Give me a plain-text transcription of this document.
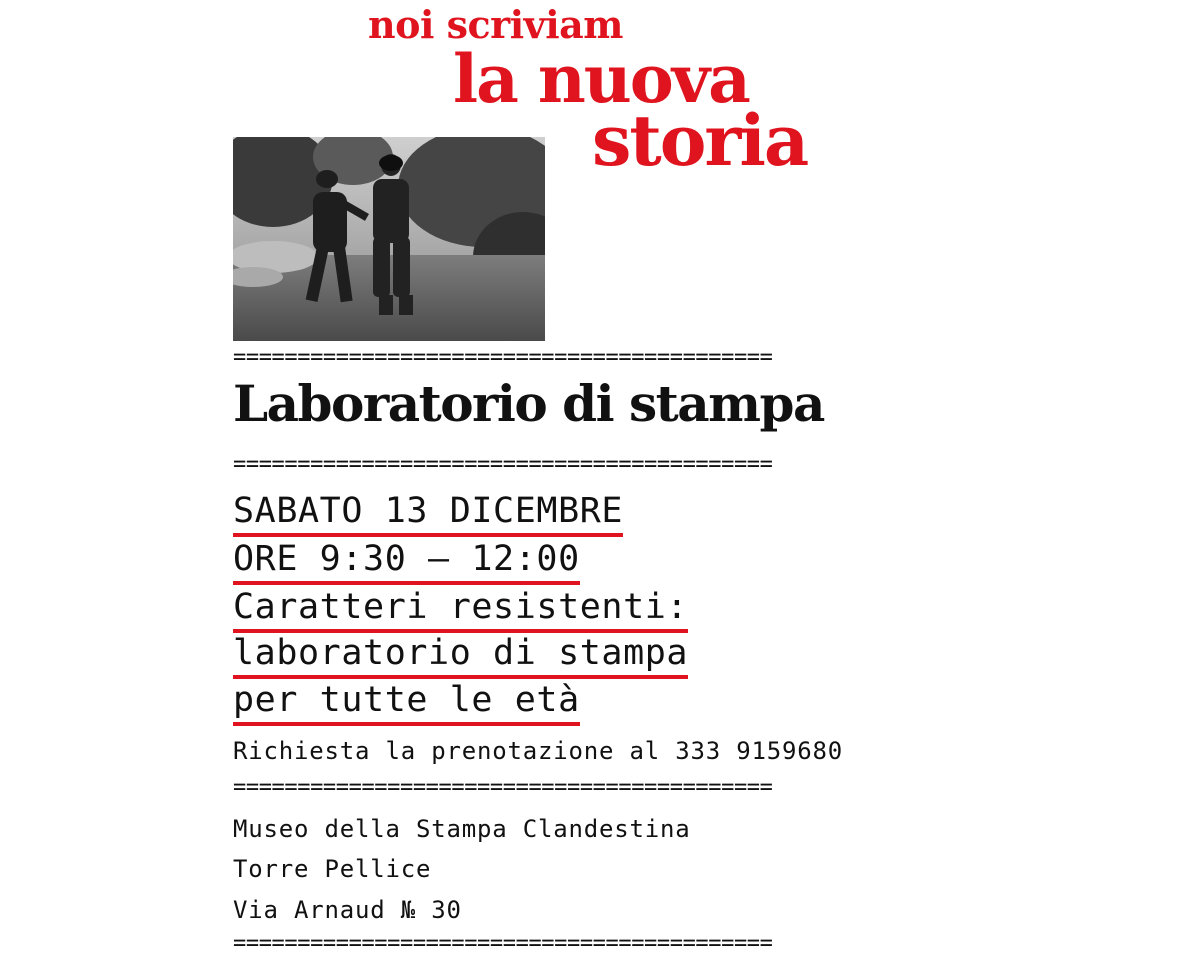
noi scriviam
la nuova
storia
==========================================
Laboratorio di stampa
==========================================
SABATO 13 DICEMBRE
ORE 9:30 — 12:00
Caratteri resistenti:
laboratorio di stampa
per tutte le età
Richiesta la prenotazione al 333 9159680
==========================================
Museo della Stampa Clandestina
Torre Pellice
Via Arnaud № 30
==========================================
